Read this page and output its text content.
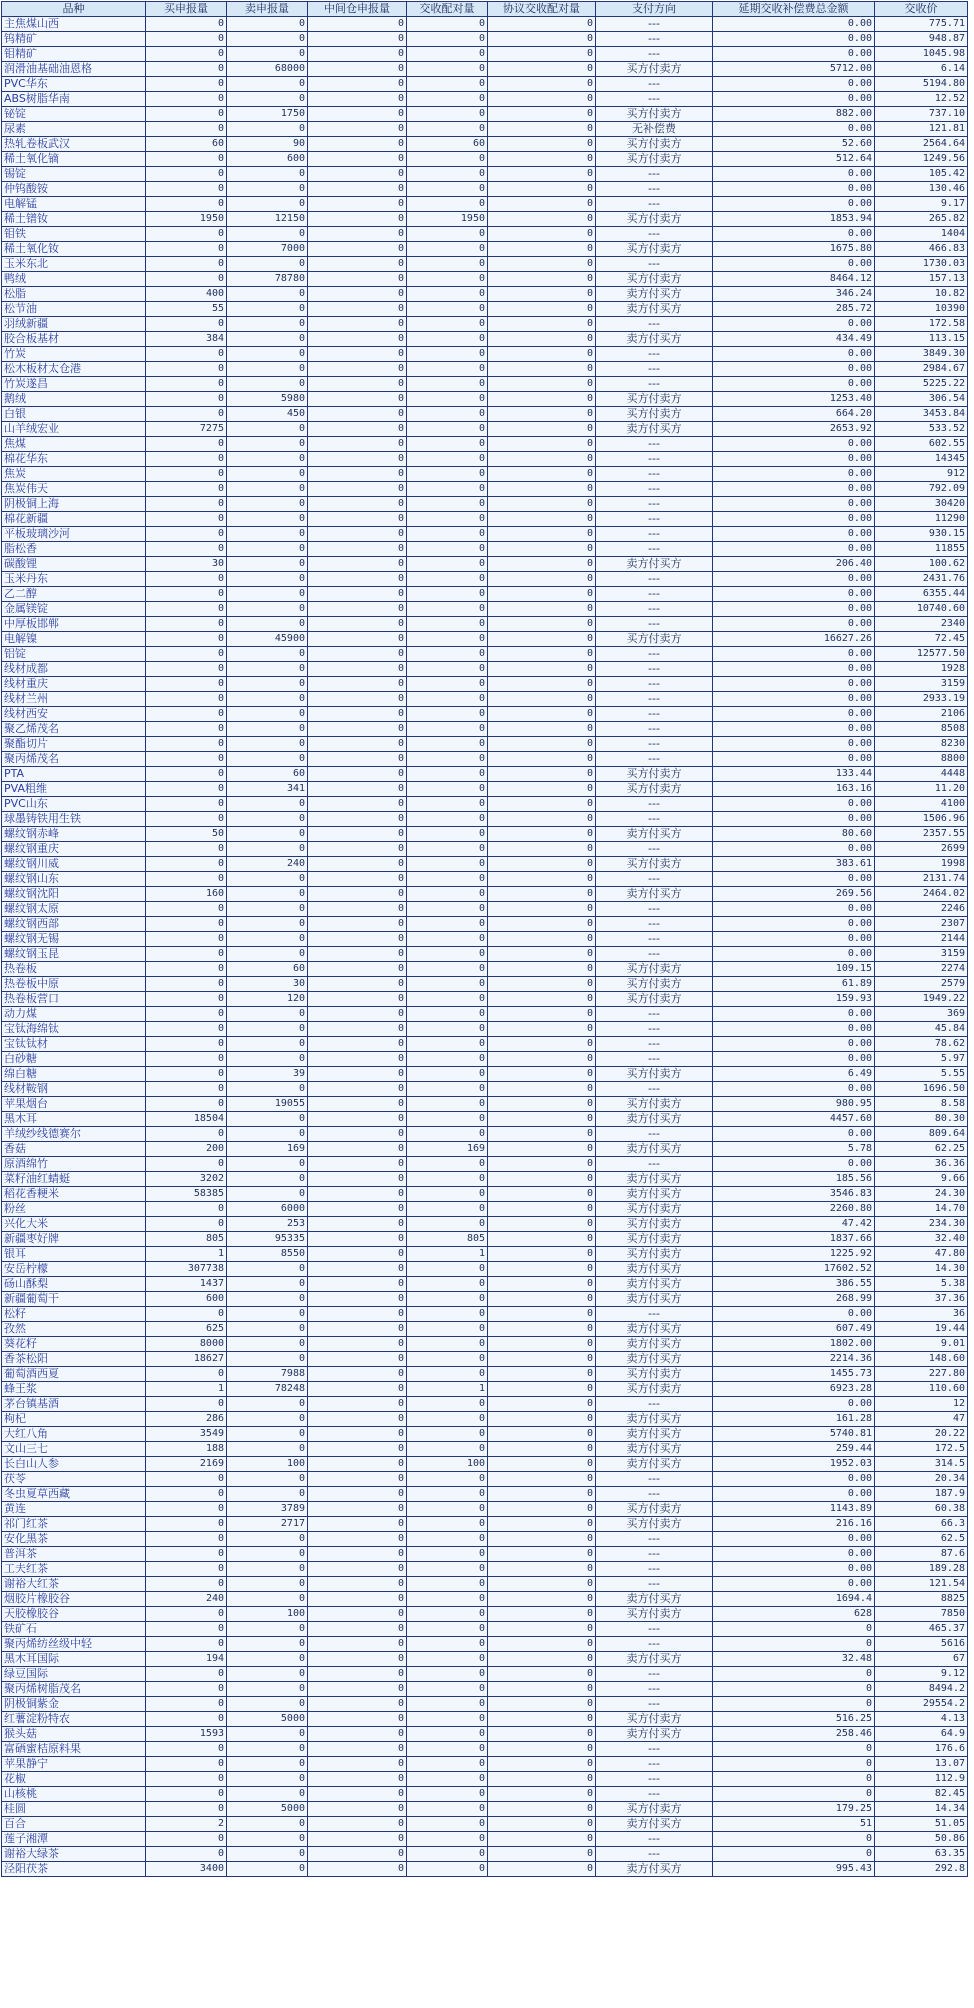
品种	买申报量	卖申报量	中间仓申报量	交收配对量	协议交收配对量	支付方向	延期交收补偿费总金额	交收价
主焦煤山西	0	0	0	0	0	---	0.00	775.71
钨精矿	0	0	0	0	0	---	0.00	948.87
钼精矿	0	0	0	0	0	---	0.00	1045.98
润滑油基础油恩格	0	68000	0	0	0	买方付卖方	5712.00	6.14
PVC华东	0	0	0	0	0	---	0.00	5194.80
ABS树脂华南	0	0	0	0	0	---	0.00	12.52
铋锭	0	1750	0	0	0	买方付卖方	882.00	737.10
尿素	0	0	0	0	0	无补偿费	0.00	121.81
热轧卷板武汉	60	90	0	60	0	买方付卖方	52.60	2564.64
稀土氧化镝	0	600	0	0	0	买方付卖方	512.64	1249.56
锡锭	0	0	0	0	0	---	0.00	105.42
仲钨酸铵	0	0	0	0	0	---	0.00	130.46
电解锰	0	0	0	0	0	---	0.00	9.17
稀土镨钕	1950	12150	0	1950	0	买方付卖方	1853.94	265.82
钼铁	0	0	0	0	0	---	0.00	1404
稀土氧化钕	0	7000	0	0	0	买方付卖方	1675.80	466.83
玉米东北	0	0	0	0	0	---	0.00	1730.03
鸭绒	0	78780	0	0	0	买方付卖方	8464.12	157.13
松脂	400	0	0	0	0	卖方付买方	346.24	10.82
松节油	55	0	0	0	0	卖方付买方	285.72	10390
羽绒新疆	0	0	0	0	0	---	0.00	172.58
胶合板基材	384	0	0	0	0	卖方付买方	434.49	113.15
竹炭	0	0	0	0	0	---	0.00	3849.30
松木板材太仓港	0	0	0	0	0	---	0.00	2984.67
竹炭遂昌	0	0	0	0	0	---	0.00	5225.22
鹅绒	0	5980	0	0	0	买方付卖方	1253.40	306.54
白银	0	450	0	0	0	买方付卖方	664.20	3453.84
山羊绒宏业	7275	0	0	0	0	卖方付买方	2653.92	533.52
焦煤	0	0	0	0	0	---	0.00	602.55
棉花华东	0	0	0	0	0	---	0.00	14345
焦炭	0	0	0	0	0	---	0.00	912
焦炭伟天	0	0	0	0	0	---	0.00	792.09
阴极铜上海	0	0	0	0	0	---	0.00	30420
棉花新疆	0	0	0	0	0	---	0.00	11290
平板玻璃沙河	0	0	0	0	0	---	0.00	930.15
脂松香	0	0	0	0	0	---	0.00	11855
碳酸锂	30	0	0	0	0	卖方付买方	206.40	100.62
玉米丹东	0	0	0	0	0	---	0.00	2431.76
乙二醇	0	0	0	0	0	---	0.00	6355.44
金属镁锭	0	0	0	0	0	---	0.00	10740.60
中厚板邯郸	0	0	0	0	0	---	0.00	2340
电解镍	0	45900	0	0	0	买方付卖方	16627.26	72.45
铝锭	0	0	0	0	0	---	0.00	12577.50
线材成都	0	0	0	0	0	---	0.00	1928
线材重庆	0	0	0	0	0	---	0.00	3159
线材兰州	0	0	0	0	0	---	0.00	2933.19
线材西安	0	0	0	0	0	---	0.00	2106
聚乙烯茂名	0	0	0	0	0	---	0.00	8508
聚酯切片	0	0	0	0	0	---	0.00	8230
聚丙烯茂名	0	0	0	0	0	---	0.00	8800
PTA	0	60	0	0	0	买方付卖方	133.44	4448
PVA粗维	0	341	0	0	0	买方付卖方	163.16	11.20
PVC山东	0	0	0	0	0	---	0.00	4100
球墨铸铁用生铁	0	0	0	0	0	---	0.00	1506.96
螺纹钢赤峰	50	0	0	0	0	卖方付买方	80.60	2357.55
螺纹钢重庆	0	0	0	0	0	---	0.00	2699
螺纹钢川威	0	240	0	0	0	买方付卖方	383.61	1998
螺纹钢山东	0	0	0	0	0	---	0.00	2131.74
螺纹钢沈阳	160	0	0	0	0	卖方付买方	269.56	2464.02
螺纹钢太原	0	0	0	0	0	---	0.00	2246
螺纹钢西部	0	0	0	0	0	---	0.00	2307
螺纹钢无锡	0	0	0	0	0	---	0.00	2144
螺纹钢玉昆	0	0	0	0	0	---	0.00	3159
热卷板	0	60	0	0	0	买方付卖方	109.15	2274
热卷板中原	0	30	0	0	0	买方付卖方	61.89	2579
热卷板营口	0	120	0	0	0	买方付卖方	159.93	1949.22
动力煤	0	0	0	0	0	---	0.00	369
宝钛海绵钛	0	0	0	0	0	---	0.00	45.84
宝钛钛材	0	0	0	0	0	---	0.00	78.62
白砂糖	0	0	0	0	0	---	0.00	5.97
绵白糖	0	39	0	0	0	买方付卖方	6.49	5.55
线材鞍钢	0	0	0	0	0	---	0.00	1696.50
苹果烟台	0	19055	0	0	0	买方付卖方	980.95	8.58
黑木耳	18504	0	0	0	0	卖方付买方	4457.60	80.30
羊绒纱线德赛尔	0	0	0	0	0	---	0.00	809.64
香菇	200	169	0	169	0	卖方付买方	5.78	62.25
原酒绵竹	0	0	0	0	0	---	0.00	36.36
菜籽油红蜻蜓	3202	0	0	0	0	卖方付买方	185.56	9.66
稻花香粳米	58385	0	0	0	0	卖方付买方	3546.83	24.30
粉丝	0	6000	0	0	0	买方付卖方	2260.80	14.70
兴化大米	0	253	0	0	0	买方付卖方	47.42	234.30
新疆枣好牌	805	95335	0	805	0	买方付卖方	1837.66	32.40
银耳	1	8550	0	1	0	买方付卖方	1225.92	47.80
安岳柠檬	307738	0	0	0	0	卖方付买方	17602.52	14.30
砀山酥梨	1437	0	0	0	0	卖方付买方	386.55	5.38
新疆葡萄干	600	0	0	0	0	卖方付买方	268.99	37.36
松籽	0	0	0	0	0	---	0.00	36
孜然	625	0	0	0	0	卖方付买方	607.49	19.44
葵花籽	8000	0	0	0	0	卖方付买方	1802.00	9.01
香茶松阳	18627	0	0	0	0	卖方付买方	2214.36	148.60
葡萄酒西夏	0	7988	0	0	0	买方付卖方	1455.73	227.80
蜂王浆	1	78248	0	1	0	买方付卖方	6923.28	110.60
茅台镇基酒	0	0	0	0	0	---	0.00	12
枸杞	286	0	0	0	0	卖方付买方	161.28	47
大红八角	3549	0	0	0	0	卖方付买方	5740.81	20.22
文山三七	188	0	0	0	0	卖方付买方	259.44	172.5
长白山人参	2169	100	0	100	0	卖方付买方	1952.03	314.5
茯苓	0	0	0	0	0	---	0.00	20.34
冬虫夏草西藏	0	0	0	0	0	---	0.00	187.9
黄连	0	3789	0	0	0	买方付卖方	1143.89	60.38
祁门红茶	0	2717	0	0	0	买方付卖方	216.16	66.3
安化黑茶	0	0	0	0	0	---	0.00	62.5
普洱茶	0	0	0	0	0	---	0.00	87.6
工夫红茶	0	0	0	0	0	---	0.00	189.28
谢裕大红茶	0	0	0	0	0	---	0.00	121.54
烟胶片橡胶谷	240	0	0	0	0	卖方付买方	1694.4	8825
天胶橡胶谷	0	100	0	0	0	买方付卖方	628	7850
铁矿石	0	0	0	0	0	---	0	465.37
聚丙烯纺丝级中轻	0	0	0	0	0	---	0	5616
黑木耳国际	194	0	0	0	0	卖方付买方	32.48	67
绿豆国际	0	0	0	0	0	---	0	9.12
聚丙烯树脂茂名	0	0	0	0	0	---	0	8494.2
阴极铜紫金	0	0	0	0	0	---	0	29554.2
红薯淀粉特农	0	5000	0	0	0	买方付卖方	516.25	4.13
猴头菇	1593	0	0	0	0	卖方付买方	258.46	64.9
富硒蜜桔原料果	0	0	0	0	0	---	0	176.6
苹果静宁	0	0	0	0	0	---	0	13.07
花椒	0	0	0	0	0	---	0	112.9
山核桃	0	0	0	0	0	---	0	82.45
桂圆	0	5000	0	0	0	买方付卖方	179.25	14.34
百合	2	0	0	0	0	卖方付买方	51	51.05
莲子湘潭	0	0	0	0	0	---	0	50.86
谢裕大绿茶	0	0	0	0	0	---	0	63.35
泾阳茯茶	3400	0	0	0	0	卖方付买方	995.43	292.8
